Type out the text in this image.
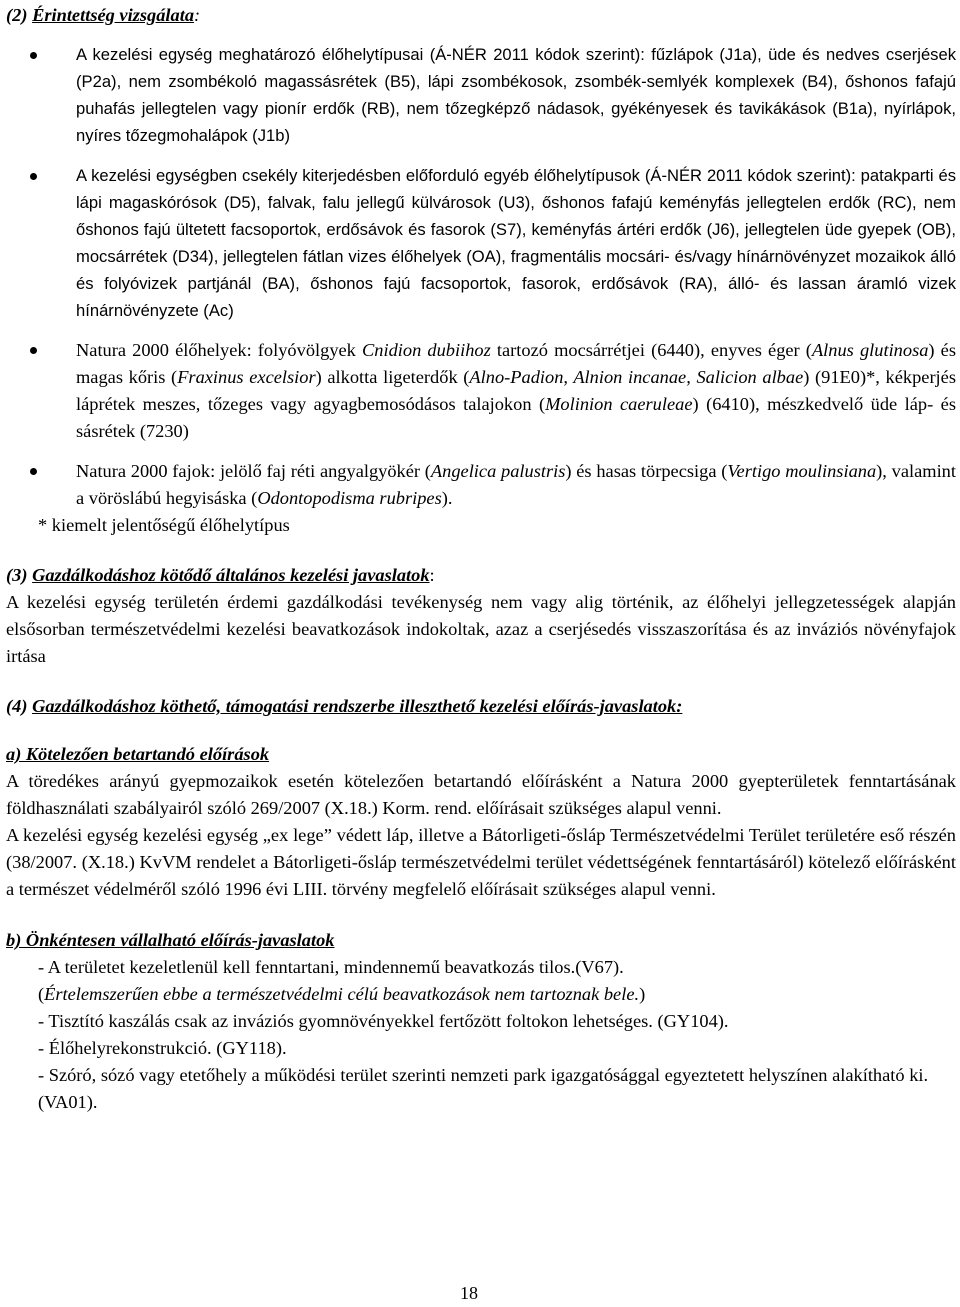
(2) Érintettség vizsgálata:
A kezelési egység meghatározó élőhelytípusai (Á-NÉR 2011 kódok szerint): fűzlápok (J1a), üde és nedves cserjések (P2a), nem zsombékoló magassásrétek (B5), lápi zsombékosok, zsombék-semlyék komplexek (B4), őshonos fafajú puhafás jellegtelen vagy pionír erdők (RB), nem tőzegképző nádasok, gyékényesek és tavikákások (B1a), nyírlápok, nyíres tőzegmohalápok (J1b)
A kezelési egységben csekély kiterjedésben előforduló egyéb élőhelytípusok (Á-NÉR 2011 kódok szerint): patakparti és lápi magaskórósok (D5), falvak, falu jellegű külvárosok (U3), őshonos fafajú keményfás jellegtelen erdők (RC), nem őshonos fajú ültetett facsoportok, erdősávok és fasorok (S7), keményfás ártéri erdők (J6), jellegtelen üde gyepek (OB), mocsárrétek (D34), jellegtelen fátlan vizes élőhelyek (OA), fragmentális mocsári- és/vagy hínárnövényzet mozaikok álló és folyóvizek partjánál (BA), őshonos fajú facsoportok, fasorok, erdősávok (RA), álló- és lassan áramló vizek hínárnövényzete (Ac)
Natura 2000 élőhelyek: folyóvölgyek Cnidion dubiihoz tartozó mocsárrétjei (6440), enyves éger (Alnus glutinosa) és magas kőris (Fraxinus excelsior) alkotta ligeterdők (Alno-Padion, Alnion incanae, Salicion albae) (91E0)*, kékperjés láprétek meszes, tőzeges vagy agyagbemosódásos talajokon (Molinion caeruleae) (6410), mészkedvelő üde láp- és sásrétek (7230)
Natura 2000 fajok: jelölő faj réti angyalgyökér (Angelica palustris) és hasas törpecsiga (Vertigo moulinsiana), valamint a vöröslábú hegyisáska (Odontopodisma rubripes).
* kiemelt jelentőségű élőhelytípus
(3) Gazdálkodáshoz kötődő általános kezelési javaslatok:

A kezelési egység területén érdemi gazdálkodási tevékenység nem vagy alig történik, az élőhelyi jellegzetességek alapján elsősorban természetvédelmi kezelési beavatkozások indokoltak, azaz a cserjésedés visszaszorítása és az inváziós növényfajok irtása

(4) Gazdálkodáshoz köthető, támogatási rendszerbe illeszthető kezelési előírás-javaslatok:
a) Kötelezően betartandó előírások

A töredékes arányú gyepmozaikok esetén kötelezően betartandó előírásként a Natura 2000 gyepterületek fenntartásának földhasználati szabályairól szóló 269/2007 (X.18.) Korm. rend. előírásait szükséges alapul venni.

A kezelési egység kezelési egység „ex lege” védett láp, illetve a Bátorligeti-ősláp Természetvédelmi Terület területére eső részén (38/2007. (X.18.) KvVM rendelet a Bátorligeti-ősláp természetvédelmi terület védettségének fenntartásáról) kötelező előírásként a természet védelméről szóló 1996 évi LIII. törvény megfelelő előírásait szükséges alapul venni.

b) Önkéntesen vállalható előírás-javaslatok

- A területet kezeletlenül kell fenntartani, mindennemű beavatkozás tilos.(V67).

(Értelemszerűen ebbe a természetvédelmi célú beavatkozások nem tartoznak bele.)

- Tisztító kaszálás csak az inváziós gyomnövényekkel fertőzött foltokon lehetséges. (GY104).

- Élőhelyrekonstrukció. (GY118).

- Szóró, sózó vagy etetőhely a működési terület szerinti nemzeti park igazgatósággal egyeztetett helyszínen alakítható ki. (VA01).

18
